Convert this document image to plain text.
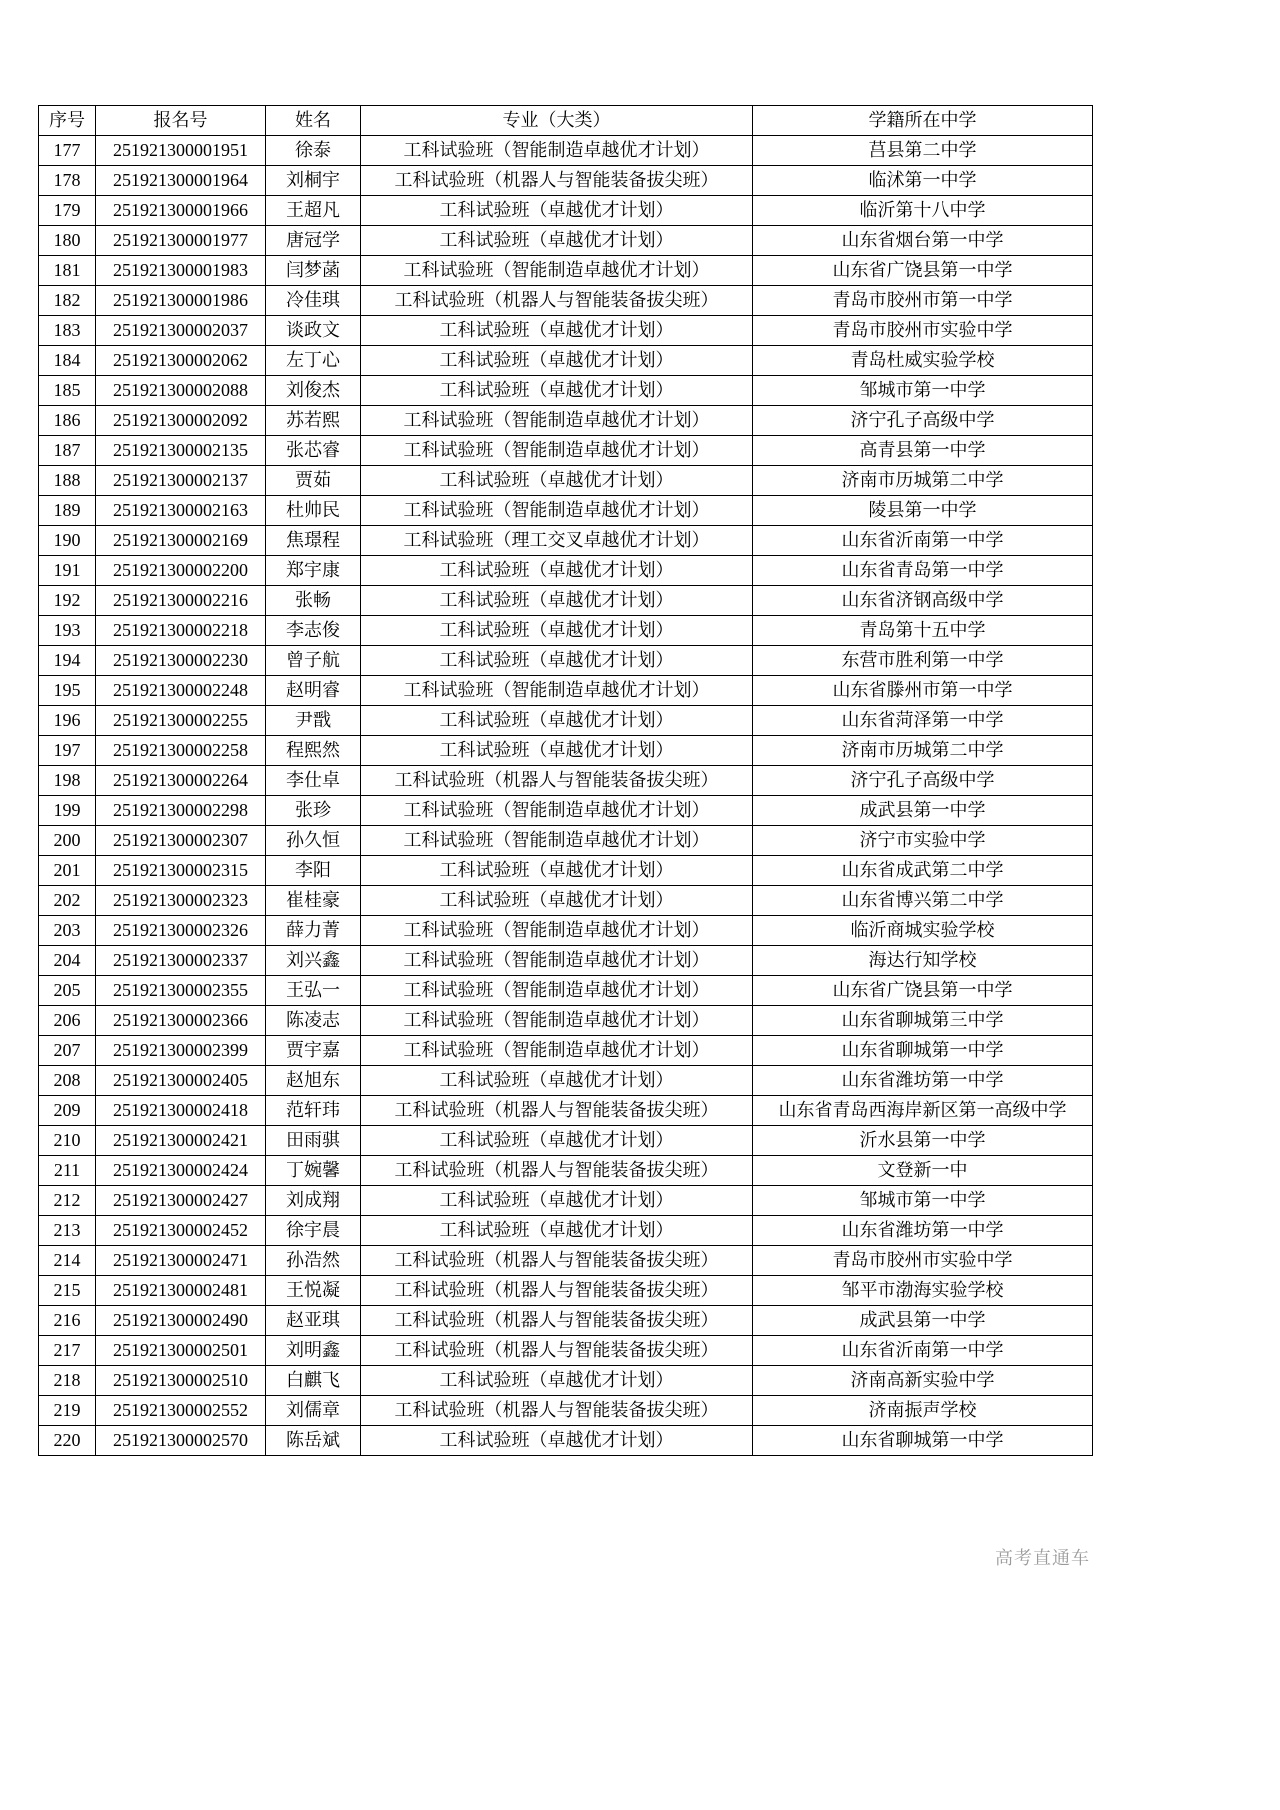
序号	报名号	姓名	专业（大类）	学籍所在中学
177	251921300001951	徐泰	工科试验班（智能制造卓越优才计划）	莒县第二中学
178	251921300001964	刘桐宇	工科试验班（机器人与智能装备拔尖班）	临沭第一中学
179	251921300001966	王超凡	工科试验班（卓越优才计划）	临沂第十八中学
180	251921300001977	唐冠学	工科试验班（卓越优才计划）	山东省烟台第一中学
181	251921300001983	闫梦菡	工科试验班（智能制造卓越优才计划）	山东省广饶县第一中学
182	251921300001986	冷佳琪	工科试验班（机器人与智能装备拔尖班）	青岛市胶州市第一中学
183	251921300002037	谈政文	工科试验班（卓越优才计划）	青岛市胶州市实验中学
184	251921300002062	左丁心	工科试验班（卓越优才计划）	青岛杜威实验学校
185	251921300002088	刘俊杰	工科试验班（卓越优才计划）	邹城市第一中学
186	251921300002092	苏若熙	工科试验班（智能制造卓越优才计划）	济宁孔子高级中学
187	251921300002135	张芯睿	工科试验班（智能制造卓越优才计划）	高青县第一中学
188	251921300002137	贾茹	工科试验班（卓越优才计划）	济南市历城第二中学
189	251921300002163	杜帅民	工科试验班（智能制造卓越优才计划）	陵县第一中学
190	251921300002169	焦璟程	工科试验班（理工交叉卓越优才计划）	山东省沂南第一中学
191	251921300002200	郑宇康	工科试验班（卓越优才计划）	山东省青岛第一中学
192	251921300002216	张畅	工科试验班（卓越优才计划）	山东省济钢高级中学
193	251921300002218	李志俊	工科试验班（卓越优才计划）	青岛第十五中学
194	251921300002230	曾子航	工科试验班（卓越优才计划）	东营市胜利第一中学
195	251921300002248	赵明睿	工科试验班（智能制造卓越优才计划）	山东省滕州市第一中学
196	251921300002255	尹戬	工科试验班（卓越优才计划）	山东省菏泽第一中学
197	251921300002258	程熙然	工科试验班（卓越优才计划）	济南市历城第二中学
198	251921300002264	李仕卓	工科试验班（机器人与智能装备拔尖班）	济宁孔子高级中学
199	251921300002298	张珍	工科试验班（智能制造卓越优才计划）	成武县第一中学
200	251921300002307	孙久恒	工科试验班（智能制造卓越优才计划）	济宁市实验中学
201	251921300002315	李阳	工科试验班（卓越优才计划）	山东省成武第二中学
202	251921300002323	崔桂豪	工科试验班（卓越优才计划）	山东省博兴第二中学
203	251921300002326	薛力菁	工科试验班（智能制造卓越优才计划）	临沂商城实验学校
204	251921300002337	刘兴鑫	工科试验班（智能制造卓越优才计划）	海达行知学校
205	251921300002355	王弘一	工科试验班（智能制造卓越优才计划）	山东省广饶县第一中学
206	251921300002366	陈凌志	工科试验班（智能制造卓越优才计划）	山东省聊城第三中学
207	251921300002399	贾宇嘉	工科试验班（智能制造卓越优才计划）	山东省聊城第一中学
208	251921300002405	赵旭东	工科试验班（卓越优才计划）	山东省潍坊第一中学
209	251921300002418	范轩玮	工科试验班（机器人与智能装备拔尖班）	山东省青岛西海岸新区第一高级中学
210	251921300002421	田雨骐	工科试验班（卓越优才计划）	沂水县第一中学
211	251921300002424	丁婉馨	工科试验班（机器人与智能装备拔尖班）	文登新一中
212	251921300002427	刘成翔	工科试验班（卓越优才计划）	邹城市第一中学
213	251921300002452	徐宇晨	工科试验班（卓越优才计划）	山东省潍坊第一中学
214	251921300002471	孙浩然	工科试验班（机器人与智能装备拔尖班）	青岛市胶州市实验中学
215	251921300002481	王悦凝	工科试验班（机器人与智能装备拔尖班）	邹平市渤海实验学校
216	251921300002490	赵亚琪	工科试验班（机器人与智能装备拔尖班）	成武县第一中学
217	251921300002501	刘明鑫	工科试验班（机器人与智能装备拔尖班）	山东省沂南第一中学
218	251921300002510	白麒飞	工科试验班（卓越优才计划）	济南高新实验中学
219	251921300002552	刘儒章	工科试验班（机器人与智能装备拔尖班）	济南振声学校
220	251921300002570	陈岳斌	工科试验班（卓越优才计划）	山东省聊城第一中学
高考直通车
